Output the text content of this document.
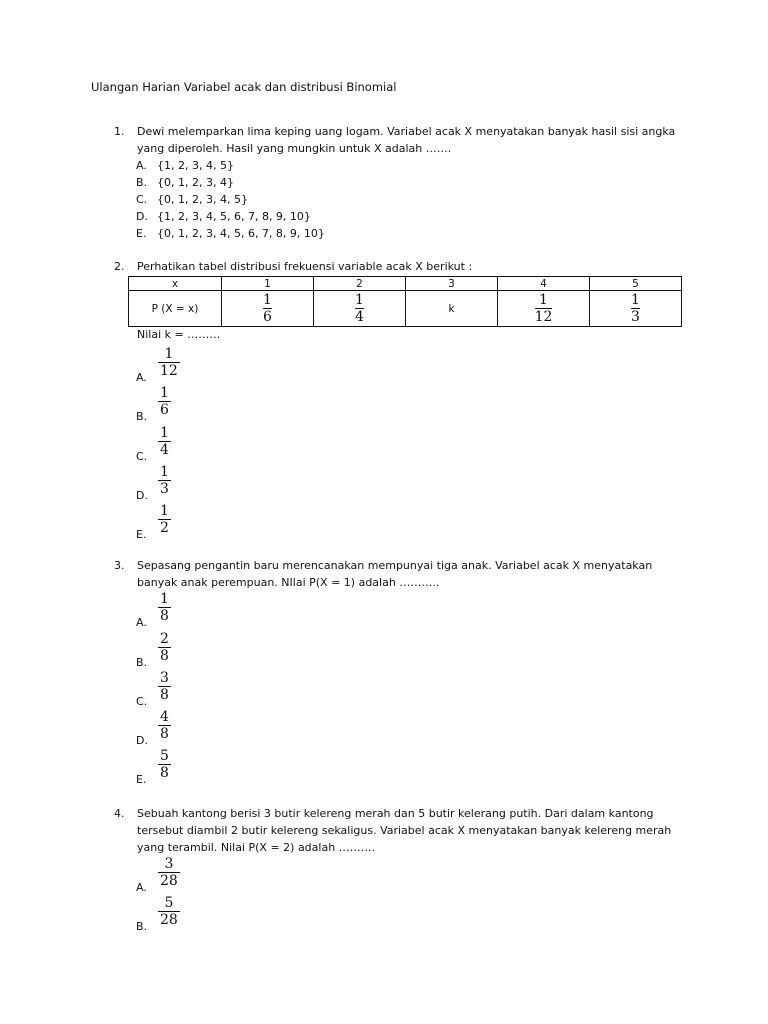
Ulangan Harian Variabel acak dan distribusi Binomial
1. Dewi melemparkan lima keping uang logam. Variabel acak X menyatakan banyak hasil sisi angka
yang diperoleh. Hasil yang mungkin untuk X adalah …….
A. {1, 2, 3, 4, 5}
B. {0, 1, 2, 3, 4}
C. {0, 1, 2, 3, 4, 5}
D. {1, 2, 3, 4, 5, 6, 7, 8, 9, 10}
E. {0, 1, 2, 3, 4, 5, 6, 7, 8, 9, 10}
2. Perhatikan tabel distribusi frekuensi variable acak X berikut :
x	1	2	3	4	5
P (X = x)	$\frac{1}{6}$	$\frac{1}{4}$	k	$\frac{1}{12}$	$\frac{1}{3}$
Nilai k = ………
1
12
A.
1
6
B.
1
4
C.
1
3
D.
1
2
E.
3. Sepasang pengantin baru merencanakan mempunyai tiga anak. Variabel acak X menyatakan
banyak anak perempuan. NIlai P(X = 1) adalah ………..
1
8
A.
2
8
B.
3
8
C.
4
8
D.
5
8
E.
4. Sebuah kantong berisi 3 butir kelereng merah dan 5 butir kelerang putih. Dari dalam kantong
tersebut diambil 2 butir kelereng sekaligus. Variabel acak X menyatakan banyak kelereng merah
yang terambil. Nilai P(X = 2) adalah ……….
3
28
A.
5
28
B.
